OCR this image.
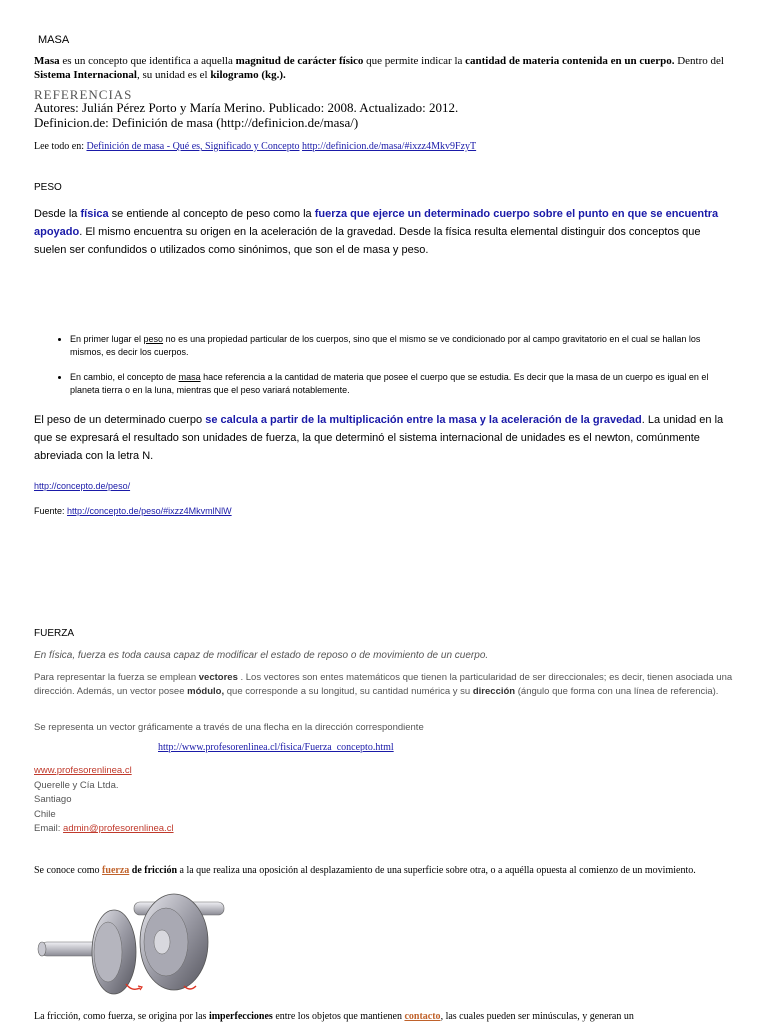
MASA
Masa es un concepto que identifica a aquella magnitud de carácter físico que permite indicar la cantidad de materia contenida en un cuerpo. Dentro del Sistema Internacional, su unidad es el kilogramo (kg.).
REFERENCIAS
Autores: Julián Pérez Porto y María Merino. Publicado: 2008. Actualizado: 2012.
Definicion.de: Definición de masa (http://definicion.de/masa/)
Lee todo en: Definición de masa - Qué es, Significado y Concepto http://definicion.de/masa/#ixzz4Mkv9FzyT
PESO
Desde la física se entiende al concepto de peso como la fuerza que ejerce un determinado cuerpo sobre el punto en que se encuentra apoyado. El mismo encuentra su origen en la aceleración de la gravedad. Desde la física resulta elemental distinguir dos conceptos que suelen ser confundidos o utilizados como sinónimos, que son el de masa y peso.
• En primer lugar el peso no es una propiedad particular de los cuerpos, sino que el mismo se ve condicionado por al campo gravitatorio en el cual se hallan los mismos, es decir los cuerpos.
• En cambio, el concepto de masa hace referencia a la cantidad de materia que posee el cuerpo que se estudia. Es decir que la masa de un cuerpo es igual en el planeta tierra o en la luna, mientras que el peso variará notablemente.
El peso de un determinado cuerpo se calcula a partir de la multiplicación entre la masa y la aceleración de la gravedad. La unidad en la que se expresará el resultado son unidades de fuerza, la que determinó el sistema internacional de unidades es el newton, comúnmente abreviada con la letra N.
http://concepto.de/peso/
Fuente: http://concepto.de/peso/#ixzz4MkvmlNlW
FUERZA
En física, fuerza es toda causa capaz de modificar el estado de reposo o de movimiento de un cuerpo.
Para representar la fuerza se emplean vectores . Los vectores son entes matemáticos que tienen la particularidad de ser direccionales; es decir, tienen asociada una dirección. Además, un vector posee módulo, que corresponde a su longitud, su cantidad numérica y su dirección (ángulo que forma con una línea de referencia).
Se representa un vector gráficamente a través de una flecha en la dirección correspondiente
http://www.profesorenlinea.cl/fisica/Fuerza_concepto.html
www.profesorenlinea.cl
Querelle y Cía Ltda.
Santiago
Chile
Email: admin@profesorenlinea.cl
Se conoce como fuerza de fricción a la que realiza una oposición al desplazamiento de una superficie sobre otra, o a aquélla opuesta al comienzo de un movimiento.
La fricción, como fuerza, se origina por las imperfecciones entre los objetos que mantienen contacto, las cuales pueden ser minúsculas, y generan un
